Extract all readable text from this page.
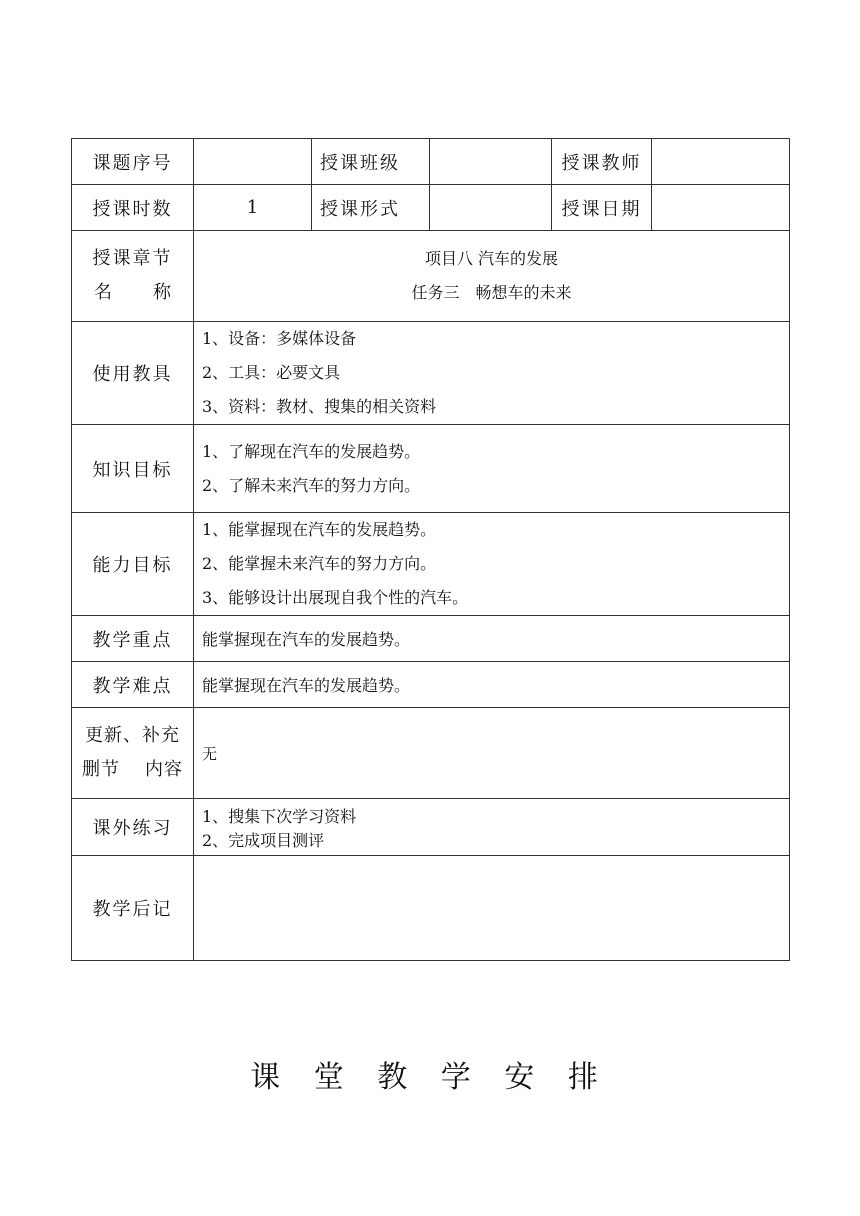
课题序号		授课班级		授课教师	
授课时数	1	授课形式		授课日期	

授课章节
名 称	项目八 汽车的发展
任务三　畅想车的未来				

使用教具	1、设备：多媒体设备
2、工具：必要文具
3、资料：教材、搜集的相关资料				

知识目标	1、了解现在汽车的发展趋势。
2、了解未来汽车的努力方向。				

能力目标	1、能掌握现在汽车的发展趋势。
2、能掌握未来汽车的努力方向。
3、能够设计出展现自我个性的汽车。				

教学重点	能掌握现在汽车的发展趋势。				
教学难点	能掌握现在汽车的发展趋势。				

更新、补充
删节 内容	无				
课外练习	1、搜集下次学习资料
2、完成项目测评				

教学后记					
课 堂 教 学 安 排
